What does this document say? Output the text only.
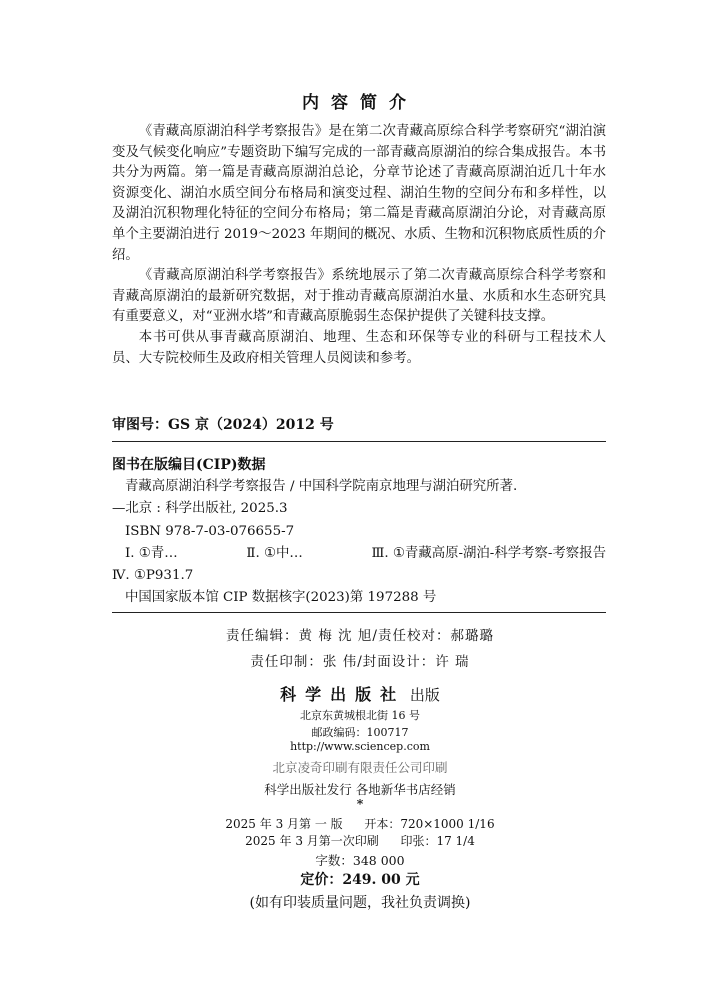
内容简介

《青藏高原湖泊科学考察报告》是在第二次青藏高原综合科学考察研究“湖泊演变及气候变化响应”专题资助下编写完成的一部青藏高原湖泊的综合集成报告。本书共分为两篇。第一篇是青藏高原湖泊总论，分章节论述了青藏高原湖泊近几十年水资源变化、湖泊水质空间分布格局和演变过程、湖泊生物的空间分布和多样性，以及湖泊沉积物理化特征的空间分布格局；第二篇是青藏高原湖泊分论，对青藏高原单个主要湖泊进行 2019～2023 年期间的概况、水质、生物和沉积物底质性质的介绍。

《青藏高原湖泊科学考察报告》系统地展示了第二次青藏高原综合科学考察和青藏高原湖泊的最新研究数据，对于推动青藏高原湖泊水量、水质和水生态研究具有重要意义，对“亚洲水塔”和青藏高原脆弱生态保护提供了关键科技支撑。

本书可供从事青藏高原湖泊、地理、生态和环保等专业的科研与工程技术人员、大专院校师生及政府相关管理人员阅读和参考。

审图号：GS 京（2024）2012 号
图书在版编目(CIP)数据

青藏高原湖泊科学考察报告 / 中国科学院南京地理与湖泊研究所著.

—北京 : 科学出版社, 2025.3

ISBN 978-7-03-076655-7

Ⅰ. ①青…	Ⅱ. ①中…	Ⅲ. ①青藏高原-湖泊-科学考察-考察报告

Ⅳ. ①P931.7

中国国家版本馆 CIP 数据核字(2023)第 197288 号

责任编辑：黄 梅 沈 旭/责任校对：郝璐璐
责任印制：张 伟/封面设计：许 瑞
科学出版社 出版
北京东黄城根北街 16 号
邮政编码：100717
http://www.sciencep.com
北京凌奇印刷有限责任公司印刷
科学出版社发行 各地新华书店经销
*
2025 年 3 月第 一 版 开本：720×1000 1/16
2025 年 3 月第一次印刷 印张：17 1/4
字数：348 000
定价：249. 00 元
(如有印装质量问题，我社负责调换)
